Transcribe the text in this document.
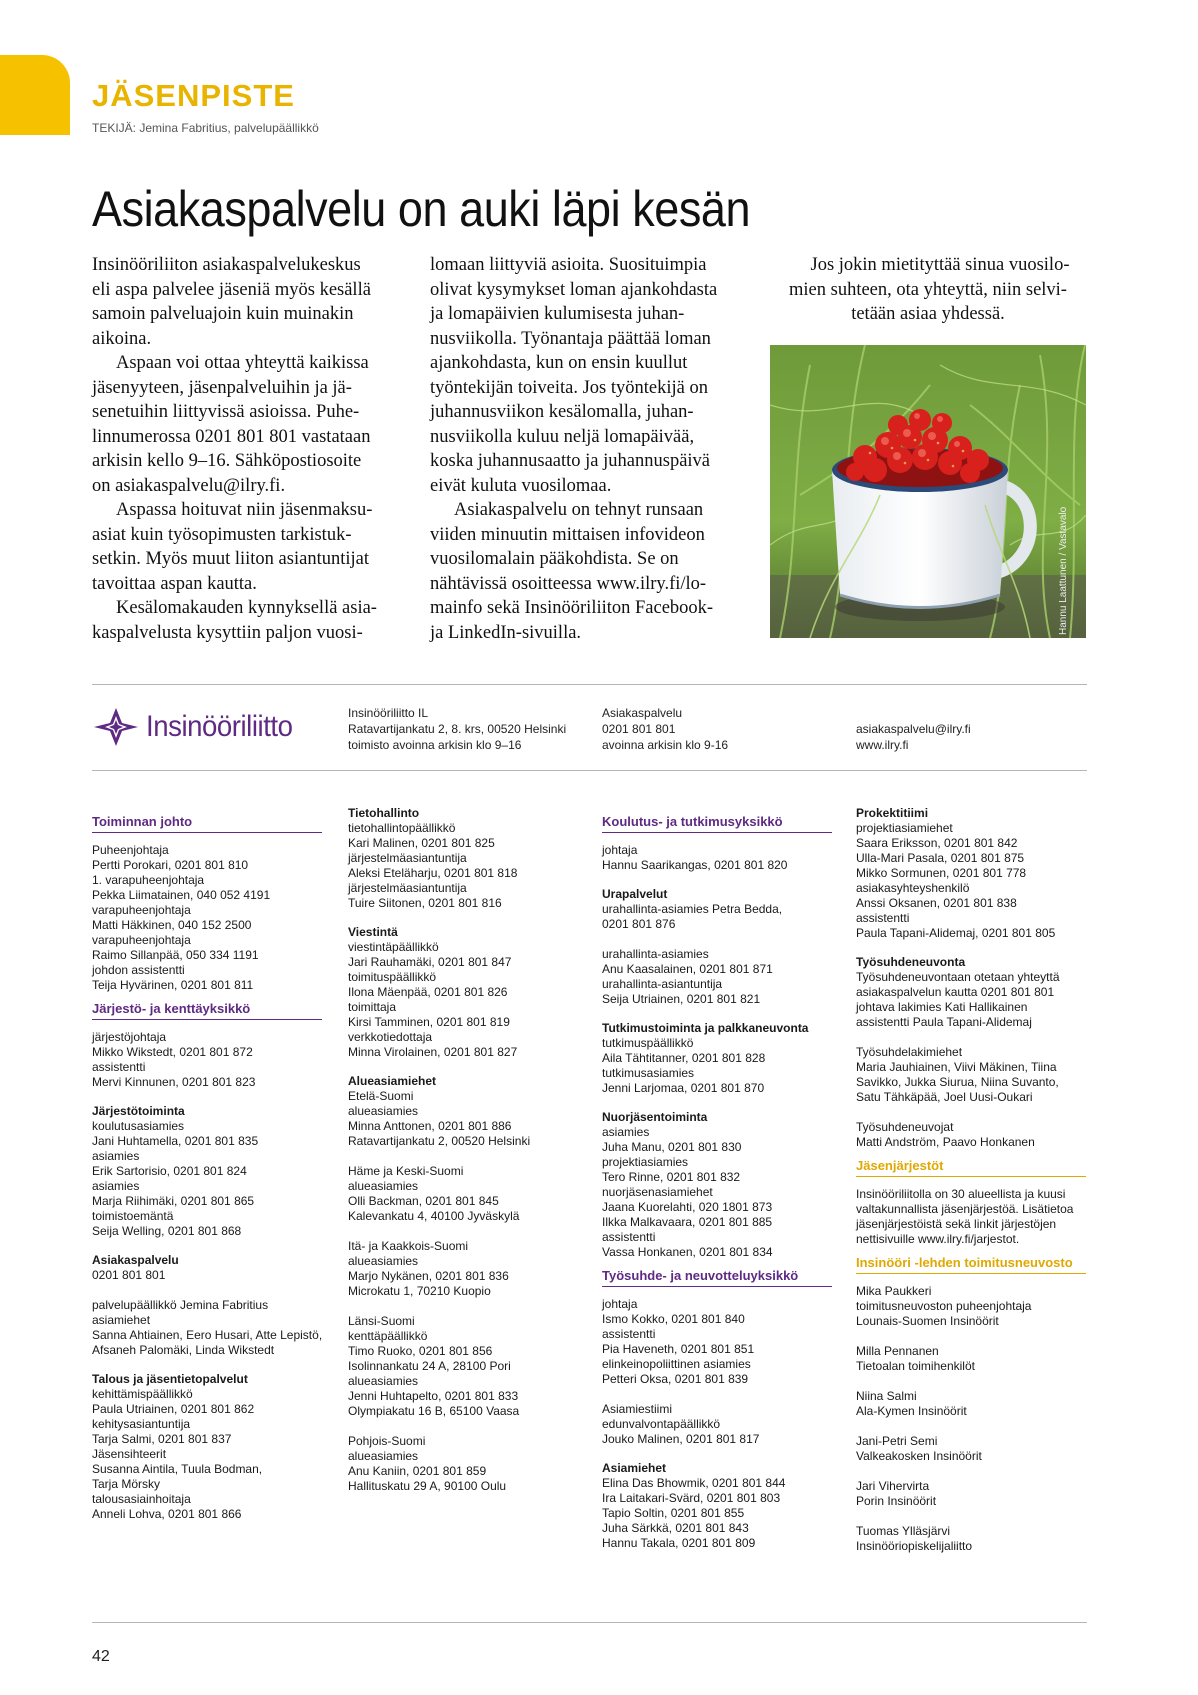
JÄSENPISTE
TEKIJÄ: Jemina Fabritius, palvelupäällikkö
Asiakaspalvelu on auki läpi kesän

Insinööriliiton asiakaspalvelukeskus
eli aspa palvelee jäseniä myös kesällä
samoin palveluajoin kuin muinakin
aikoina.

Aspaan voi ottaa yhteyttä kaikissa
jäsenyyteen, jäsenpalveluihin ja jä-
senetuihin liittyvissä asioissa. Puhe-
linnumerossa 0201 801 801 vastataan
arkisin kello 9–16. Sähköpostiosoite
on asiakaspalvelu@ilry.fi.

Aspassa hoituvat niin jäsenmaksu-
asiat kuin työsopimusten tarkistuk-
setkin. Myös muut liiton asiantuntijat
tavoittaa aspan kautta.

Kesälomakauden kynnyksellä asia-
kaspalvelusta kysyttiin paljon vuosi-

lomaan liittyviä asioita. Suosituimpia
olivat kysymykset loman ajankohdasta
ja lomapäivien kulumisesta juhan-
nusviikolla. Työnantaja päättää loman
ajankohdasta, kun on ensin kuullut
työntekijän toiveita. Jos työntekijä on
juhannusviikon kesälomalla, juhan-
nusviikolla kuluu neljä lomapäivää,
koska juhannusaatto ja juhannuspäivä
eivät kuluta vuosilomaa.

Asiakaspalvelu on tehnyt runsaan
viiden minuutin mittaisen infovideon
vuosilomalain pääkohdista. Se on
nähtävissä osoitteessa www.ilry.fi/lo-
mainfo sekä Insinööriliiton Facebook-
ja LinkedIn-sivuilla.

Jos jokin mietityttää sinua vuosilo-
mien suhteen, ota yhteyttä, niin selvi-
tetään asiaa yhdessä.

Hannu Laattunen / Vastavalo
Insinööriliitto	Insinööriliitto IL
Ratavartijankatu 2, 8. krs, 00520 Helsinki
toimisto avoinna arkisin klo 9–16
Asiakaspalvelu
0201 801 801
avoinna arkisin klo 9-16
asiakaspalvelu@ilry.fi
www.ilry.fi
Toiminnan johto
Puheenjohtaja
Pertti Porokari, 0201 801 810
1. varapuheenjohtaja
Pekka Liimatainen, 040 052 4191
varapuheenjohtaja
Matti Häkkinen, 040 152 2500
varapuheenjohtaja
Raimo Sillanpää, 050 334 1191
johdon assistentti
Teija Hyvärinen, 0201 801 811
Järjestö- ja kenttäyksikkö
järjestöjohtaja
Mikko Wikstedt, 0201 801 872
assistentti
Mervi Kinnunen, 0201 801 823
Järjestötoiminta
koulutusasiamies
Jani Huhtamella, 0201 801 835
asiamies
Erik Sartorisio, 0201 801 824
asiamies
Marja Riihimäki, 0201 801 865
toimistoemäntä
Seija Welling, 0201 801 868
Asiakaspalvelu
0201 801 801
palvelupäällikkö Jemina Fabritius
asiamiehet
Sanna Ahtiainen, Eero Husari, Atte Lepistö,
Afsaneh Palomäki, Linda Wikstedt
Talous ja jäsentietopalvelut
kehittämispäällikkö
Paula Utriainen, 0201 801 862
kehitysasiantuntija
Tarja Salmi, 0201 801 837
Jäsensihteerit
Susanna Aintila, Tuula Bodman,
Tarja Mörsky
talousasiainhoitaja
Anneli Lohva, 0201 801 866
Tietohallinto
tietohallintopäällikkö
Kari Malinen, 0201 801 825
järjestelmäasiantuntija
Aleksi Eteläharju, 0201 801 818
järjestelmäasiantuntija
Tuire Siitonen, 0201 801 816
Viestintä
viestintäpäällikkö
Jari Rauhamäki, 0201 801 847
toimituspäällikkö
Ilona Mäenpää, 0201 801 826
toimittaja
Kirsi Tamminen, 0201 801 819
verkkotiedottaja
Minna Virolainen, 0201 801 827
Alueasiamiehet
Etelä-Suomi
alueasiamies
Minna Anttonen, 0201 801 886
Ratavartijankatu 2, 00520 Helsinki
Häme ja Keski-Suomi
alueasiamies
Olli Backman, 0201 801 845
Kalevankatu 4, 40100 Jyväskylä
Itä- ja Kaakkois-Suomi
alueasiamies
Marjo Nykänen, 0201 801 836
Microkatu 1, 70210 Kuopio
Länsi-Suomi
kenttäpäällikkö
Timo Ruoko, 0201 801 856
Isolinnankatu 24 A, 28100 Pori
alueasiamies
Jenni Huhtapelto, 0201 801 833
Olympiakatu 16 B, 65100 Vaasa
Pohjois-Suomi
alueasiamies
Anu Kaniin, 0201 801 859
Hallituskatu 29 A, 90100 Oulu
Koulutus- ja tutkimusyksikkö
johtaja
Hannu Saarikangas, 0201 801 820
Urapalvelut
urahallinta-asiamies Petra Bedda,
0201 801 876
urahallinta-asiamies
Anu Kaasalainen, 0201 801 871
urahallinta-asiantuntija
Seija Utriainen, 0201 801 821
Tutkimustoiminta ja palkkaneuvonta
tutkimuspäällikkö
Aila Tähtitanner, 0201 801 828
tutkimusasiamies
Jenni Larjomaa, 0201 801 870
Nuorjäsentoiminta
asiamies
Juha Manu, 0201 801 830
projektiasiamies
Tero Rinne, 0201 801 832
nuorjäsenasiamiehet
Jaana Kuorelahti, 020 1801 873
Ilkka Malkavaara, 0201 801 885
assistentti
Vassa Honkanen, 0201 801 834
Työsuhde- ja neuvotteluyksikkö
johtaja
Ismo Kokko, 0201 801 840
assistentti
Pia Haveneth, 0201 801 851
elinkeinopoliittinen asiamies
Petteri Oksa, 0201 801 839
Asiamiestiimi
edunvalvontapäällikkö
Jouko Malinen, 0201 801 817
Asiamiehet
Elina Das Bhowmik, 0201 801 844
Ira Laitakari-Svärd, 0201 801 803
Tapio Soltin, 0201 801 855
Juha Särkkä, 0201 801 843
Hannu Takala, 0201 801 809
Prokektitiimi
projektiasiamiehet
Saara Eriksson, 0201 801 842
Ulla-Mari Pasala, 0201 801 875
Mikko Sormunen, 0201 801 778
asiakasyhteyshenkilö
Anssi Oksanen, 0201 801 838
assistentti
Paula Tapani-Alidemaj, 0201 801 805
Työsuhdeneuvonta
Työsuhdeneuvontaan otetaan yhteyttä
asiakaspalvelun kautta 0201 801 801
johtava lakimies Kati Hallikainen
assistentti Paula Tapani-Alidemaj
Työsuhdelakimiehet
Maria Jauhiainen, Viivi Mäkinen, Tiina
Savikko, Jukka Siurua, Niina Suvanto,
Satu Tähkäpää, Joel Uusi-Oukari
Työsuhdeneuvojat
Matti Andström, Paavo Honkanen
Jäsenjärjestöt
Insinööriliitolla on 30 alueellista ja kuusi
valtakunnallista jäsenjärjestöä. Lisätietoa
jäsenjärjestöistä sekä linkit järjestöjen
nettisivuille www.ilry.fi/jarjestot.
Insinööri -lehden toimitusneuvosto
Mika Paukkeri
toimitusneuvoston puheenjohtaja
Lounais-Suomen Insinöörit
Milla Pennanen
Tietoalan toimihenkilöt
Niina Salmi
Ala-Kymen Insinöörit
Jani-Petri Semi
Valkeakosken Insinöörit
Jari Vihervirta
Porin Insinöörit
Tuomas Ylläsjärvi
Insinööriopiskelijaliitto
42
